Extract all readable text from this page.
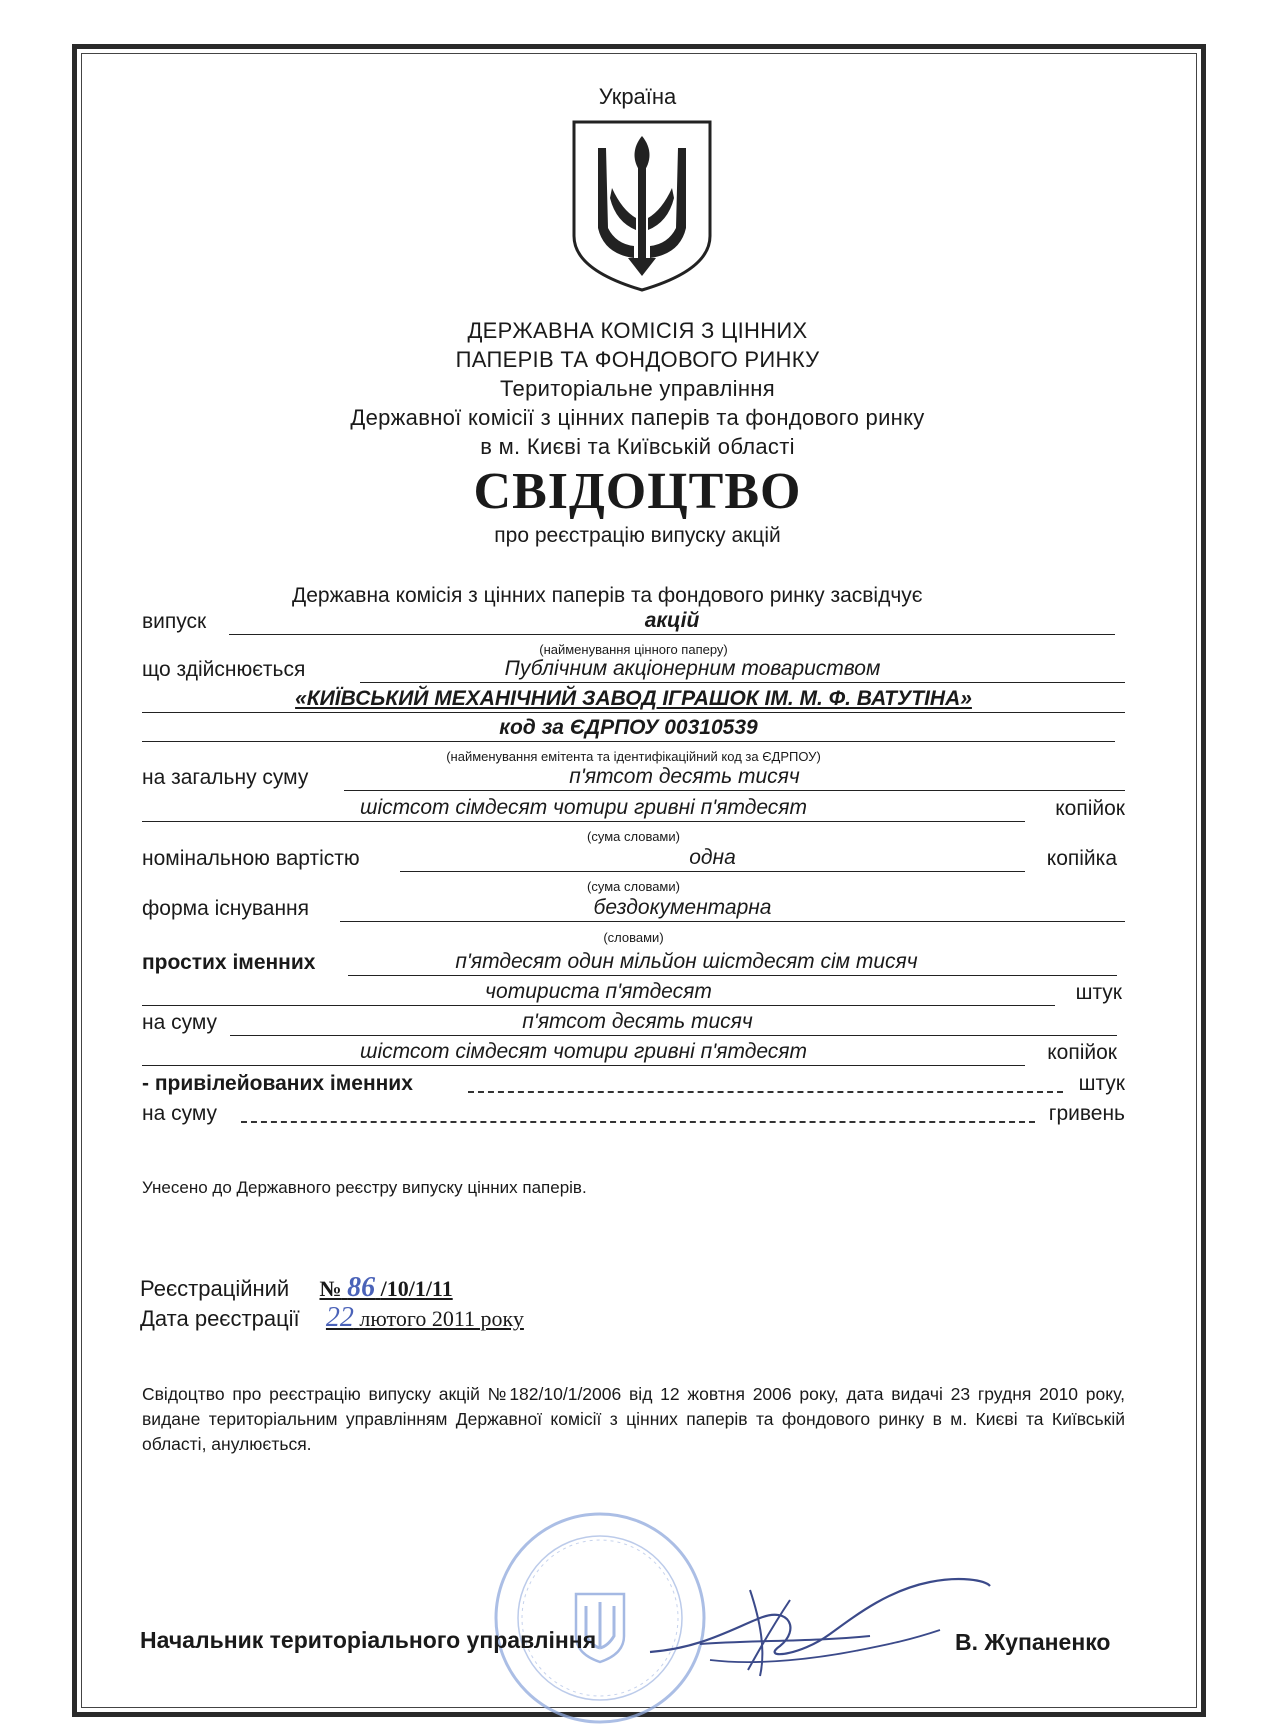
Україна
ДЕРЖАВНА КОМІСІЯ З ЦІННИХ
ПАПЕРІВ ТА ФОНДОВОГО РИНКУ
Територіальне управління
Державної комісії з цінних паперів та фондового ринку
в м. Києві та Київській області
СВІДОЦТВО
про реєстрацію випуску акцій
Державна комісія з цінних паперів та фондового ринку засвідчує
випуск	акцій
(найменування цінного паперу)
що здійснюється	Публічним акціонерним товариством
«КИЇВСЬКИЙ МЕХАНІЧНИЙ ЗАВОД ІГРАШОК ІМ. М. Ф. ВАТУТІНА»
код за ЄДРПОУ 00310539
(найменування емітента та ідентифікаційний код за ЄДРПОУ)
на загальну суму	п'ятсот десять тисяч
шістсот сімдесят чотири гривні п'ятдесят	копійок
(сума словами)
номінальною вартістю	одна	копійка
(сума словами)
форма існування	бездокументарна
(словами)
простих іменних	п'ятдесят один мільйон шістдесят сім тисяч
чотириста п'ятдесят	штук
на суму	п'ятсот десять тисяч
шістсот сімдесят чотири гривні п'ятдесят	копійок
- привілейованих іменних	штук
на суму	гривень
Унесено до Державного реєстру випуску цінних паперів.
Реєстраційний № 86 /10/1/11
Дата реєстрації 22 лютого 2011 року
Свідоцтво про реєстрацію випуску акцій №182/10/1/2006 від 12 жовтня 2006 року, дата видачі 23 грудня 2010 року, видане територіальним управлінням Державної комісії з цінних паперів та фондового ринку в м. Києві та Київській області, анулюється.
Начальник територіального управління	В. Жупаненко
